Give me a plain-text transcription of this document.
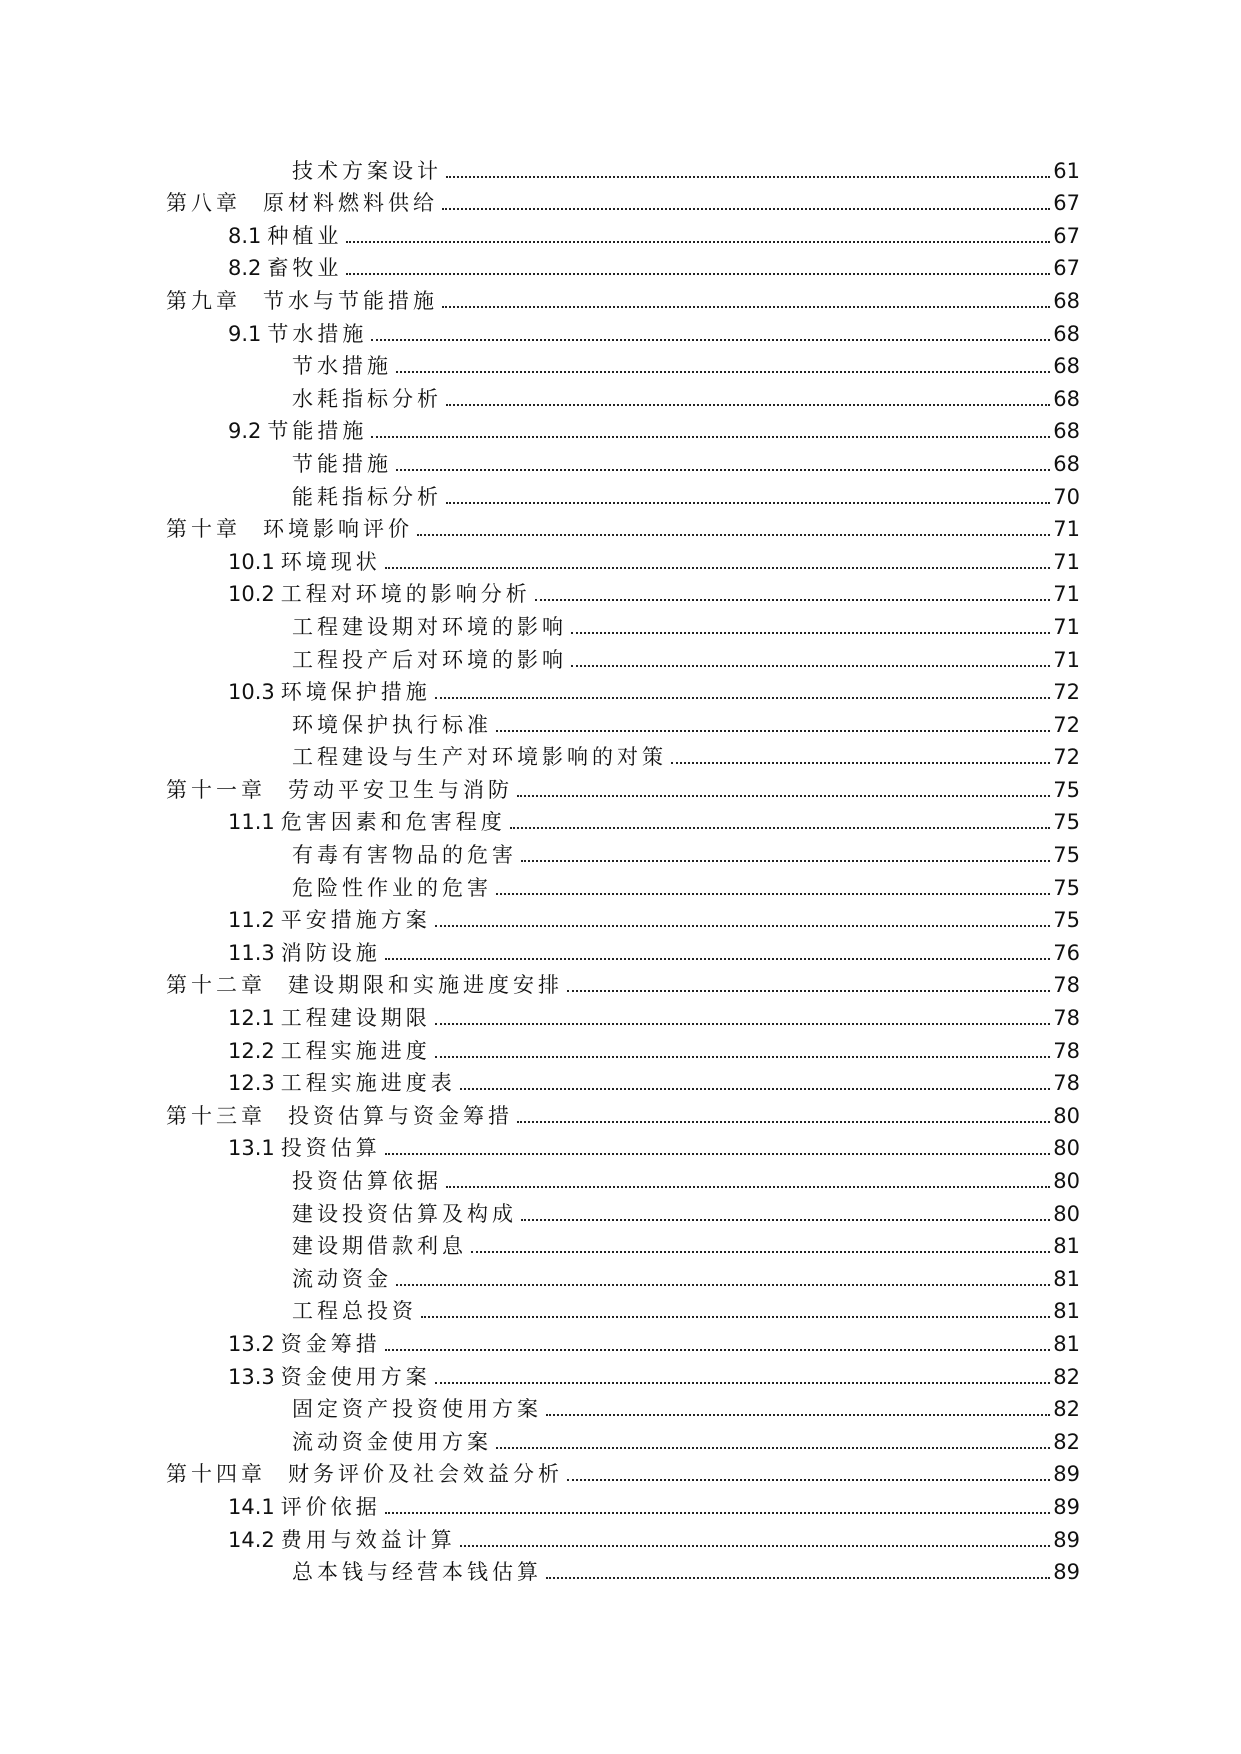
技术方案设计	61
第八章 原材料燃料供给	67
8.1 种植业	67
8.2 畜牧业	67
第九章 节水与节能措施	68
9.1 节水措施	68
节水措施	68
水耗指标分析	68
9.2 节能措施	68
节能措施	68
能耗指标分析	70
第十章 环境影响评价	71
10.1 环境现状	71
10.2 工程对环境的影响分析	71
工程建设期对环境的影响	71
工程投产后对环境的影响	71
10.3 环境保护措施	72
环境保护执行标准	72
工程建设与生产对环境影响的对策	72
第十一章 劳动平安卫生与消防	75
11.1 危害因素和危害程度	75
有毒有害物品的危害	75
危险性作业的危害	75
11.2 平安措施方案	75
11.3 消防设施	76
第十二章 建设期限和实施进度安排	78
12.1 工程建设期限	78
12.2 工程实施进度	78
12.3 工程实施进度表	78
第十三章 投资估算与资金筹措	80
13.1 投资估算	80
投资估算依据	80
建设投资估算及构成	80
建设期借款利息	81
流动资金	81
工程总投资	81
13.2 资金筹措	81
13.3 资金使用方案	82
固定资产投资使用方案	82
流动资金使用方案	82
第十四章 财务评价及社会效益分析	89
14.1 评价依据	89
14.2 费用与效益计算	89
总本钱与经营本钱估算	89
